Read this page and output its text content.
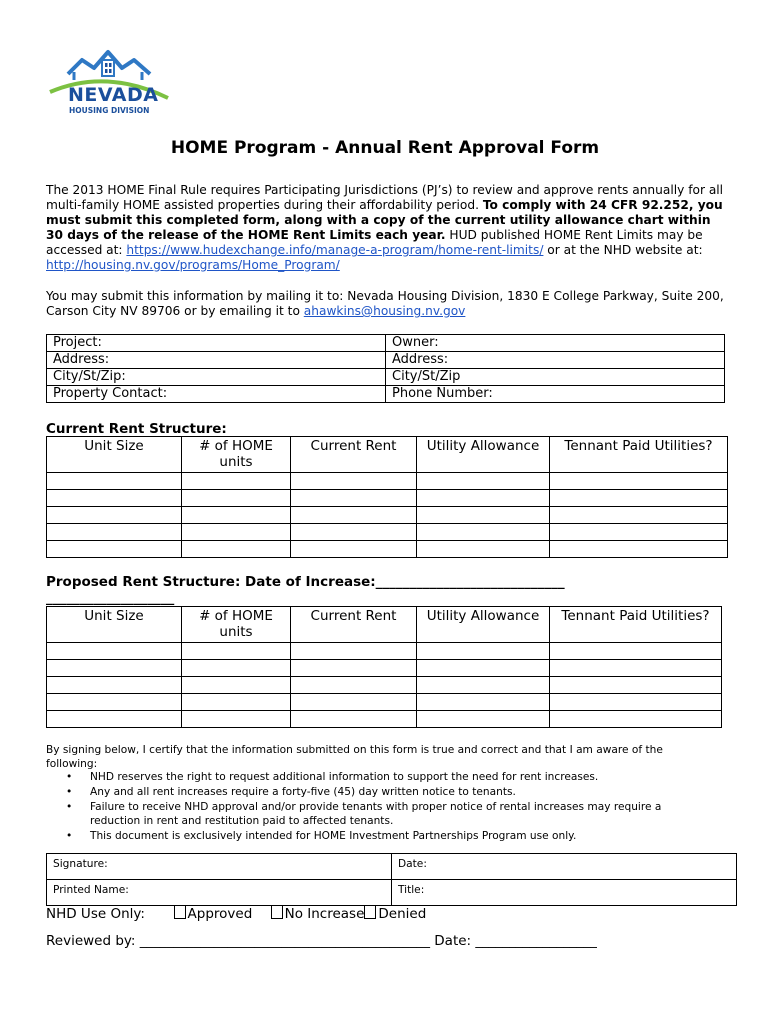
NEVADA
HOUSING DIVISION
HOME Program - Annual Rent Approval Form
The 2013 HOME Final Rule requires Participating Jurisdictions (PJ’s) to review and approve rents annually for all multi-family HOME assisted properties during their affordability period. To comply with 24 CFR 92.252, you must submit this completed form, along with a copy of the current utility allowance chart within 30 days of the release of the HOME Rent Limits each year. HUD published HOME Rent Limits may be accessed at: https://www.hudexchange.info/manage-a-program/home-rent-limits/ or at the NHD website at: http://housing.nv.gov/programs/Home_Program/
You may submit this information by mailing it to: Nevada Housing Division, 1830 E College Parkway, Suite 200, Carson City NV 89706 or by emailing it to ahawkins@housing.nv.gov
Project:	Owner:
Address:	Address:
City/St/Zip:	City/St/Zip
Property Contact:	Phone Number:
Current Rent Structure:
Unit Size	# of HOME units	Current Rent	Utility Allowance	Tennant Paid Utilities?

Proposed Rent Structure: Date of Increase:_______________________________________________
Unit Size	# of HOME units	Current Rent	Utility Allowance	Tennant Paid Utilities?

By signing below, I certify that the information submitted on this form is true and correct and that I am aware of the following:
• NHD reserves the right to request additional information to support the need for rent increases.
• Any and all rent increases require a forty-five (45) day written notice to tenants.
• Failure to receive NHD approval and/or provide tenants with proper notice of rental increases may require a reduction in rent and restitution paid to affected tenants.
• This document is exclusively intended for HOME Investment Partnerships Program use only.
Signature:	Date:
Printed Name:	Title:
NHD Use Only:	Approved No Increase Denied
Reviewed by: ___________________________________________ Date: __________________
